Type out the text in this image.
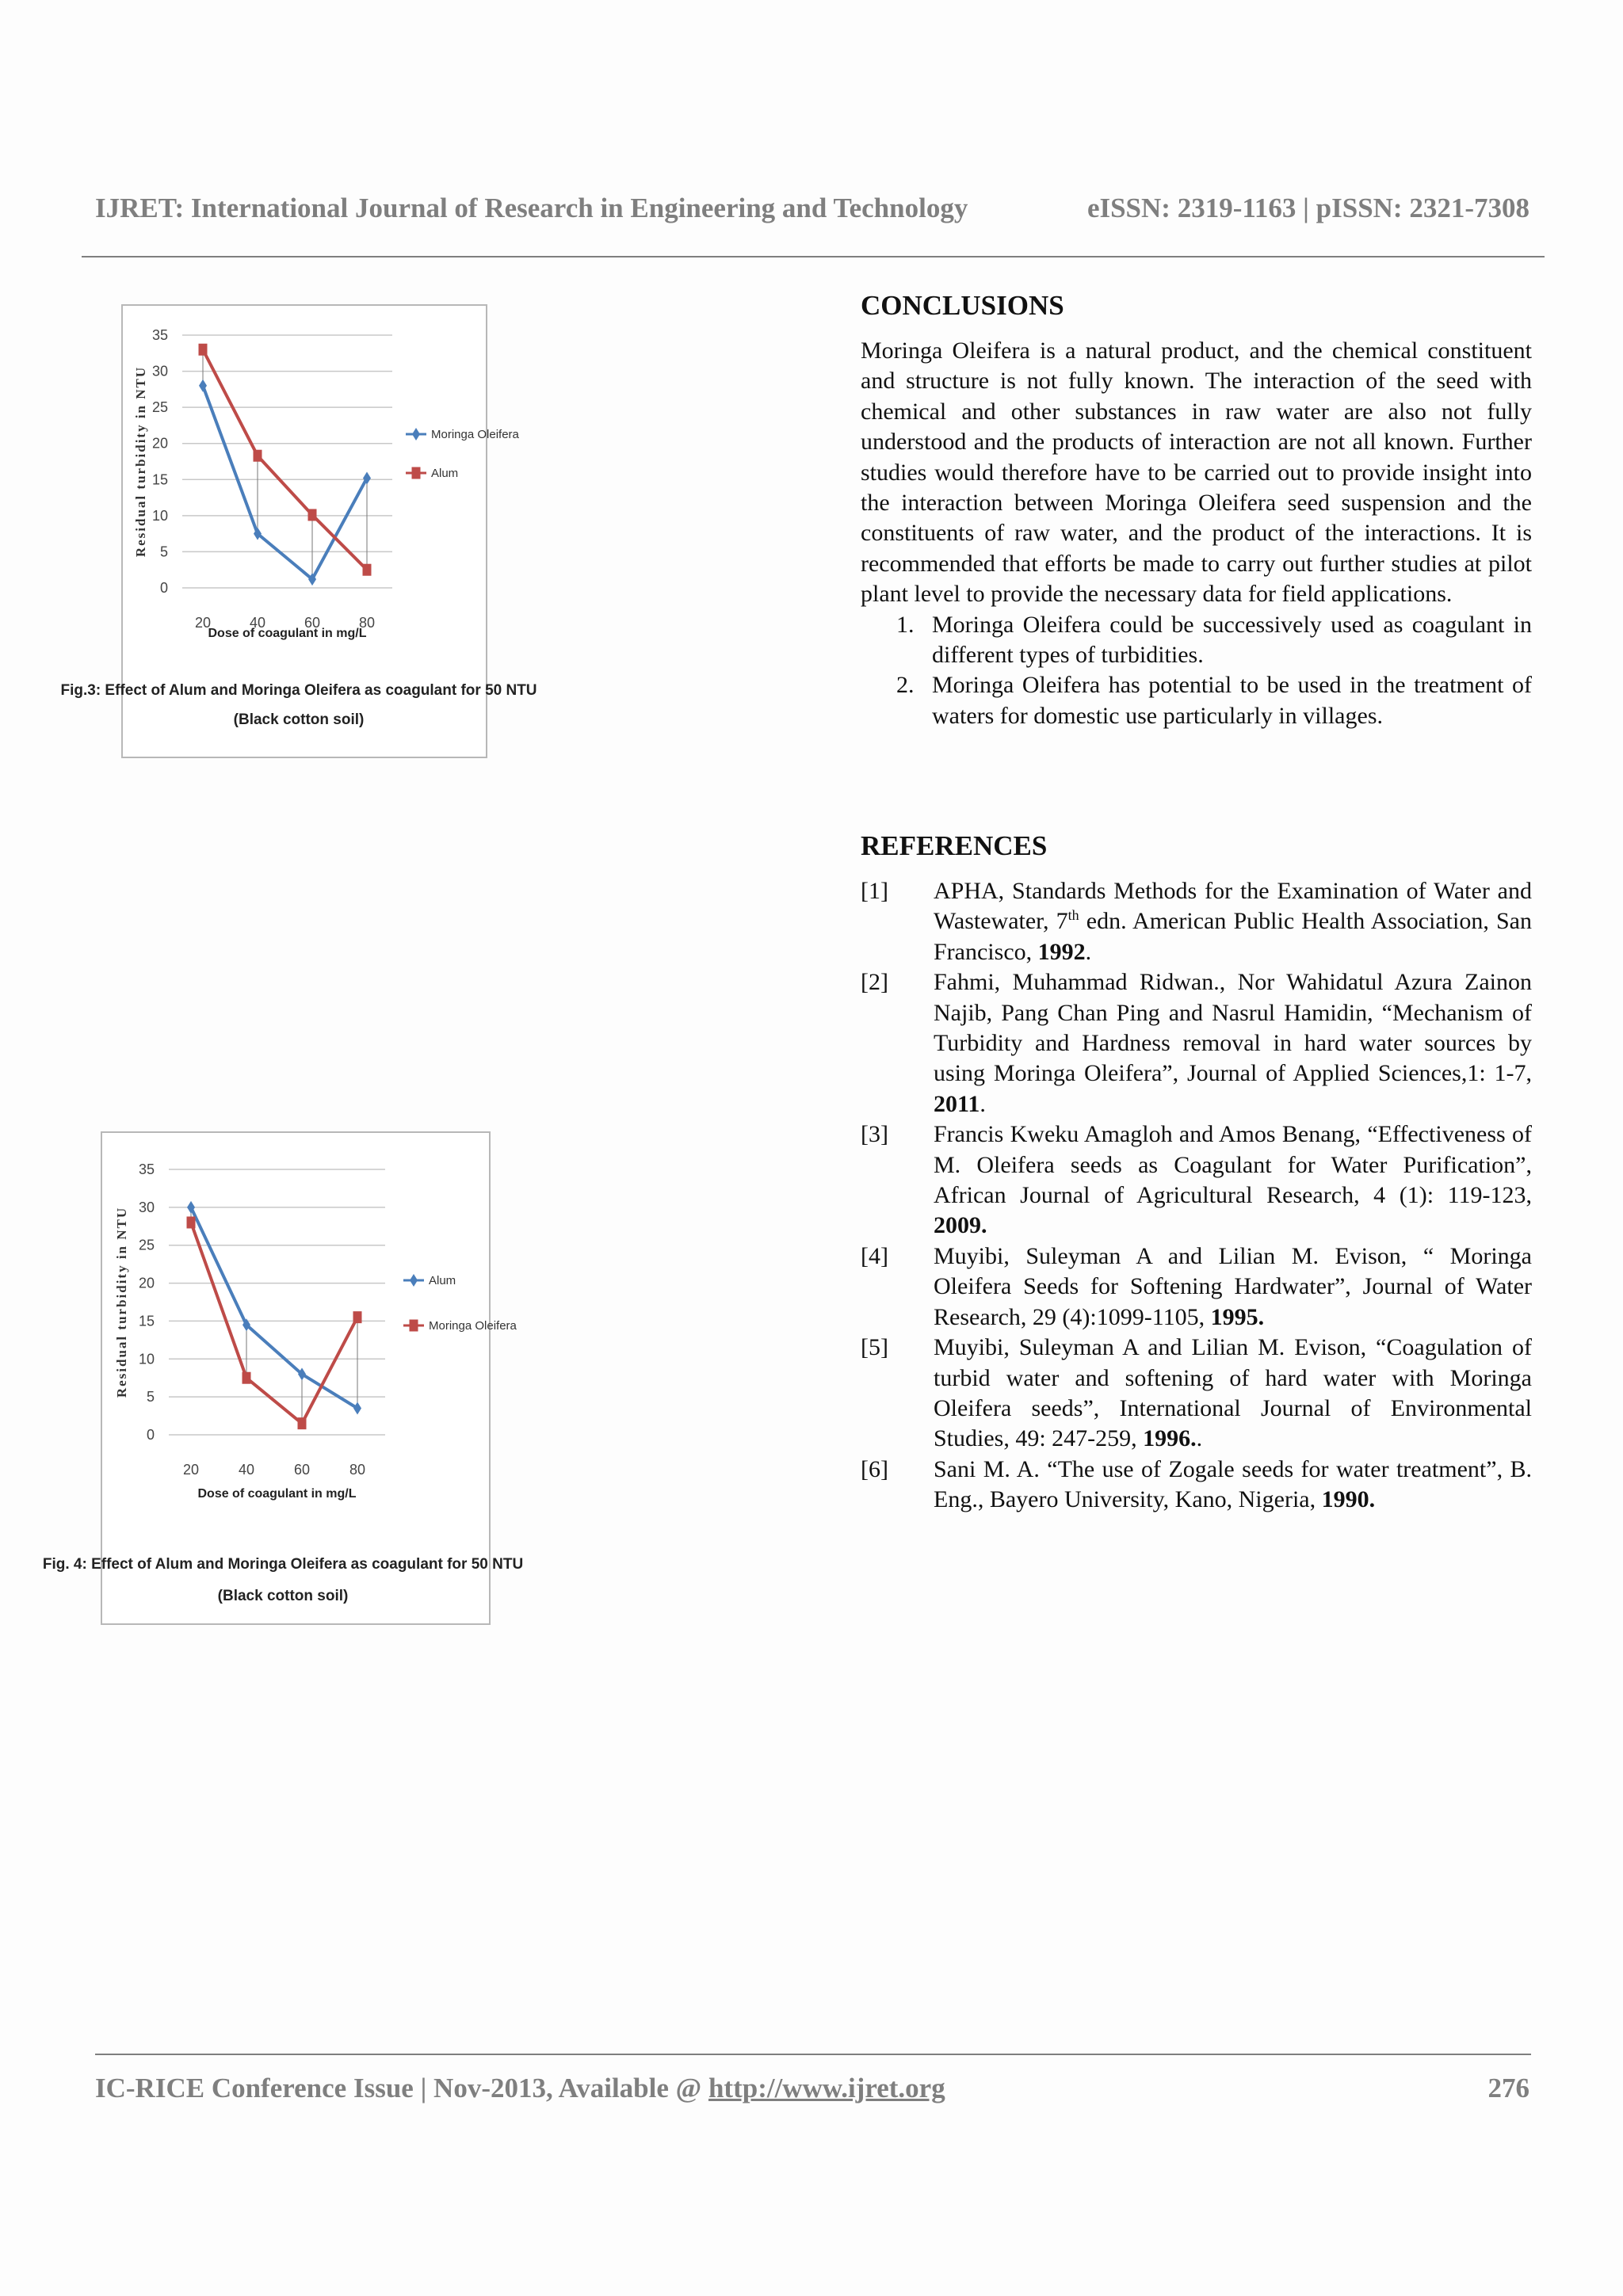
IJRET: International Journal of Research in Engineering and Technology	eISSN: 2319-1163 | pISSN: 2321-7308
0
5
10
15
20
25
30
35
20	40	60	80
Moringa Oleifera
Alum
Dose of coagulant in mg/L
Residual turbidity in NTU
Fig.3: Effect of Alum and Moringa Oleifera as coagulant for 50 NTU
(Black cotton soil)
0
5
10
15
20
25
30
35
20	40	60	80
Alum
Moringa Oleifera
Dose of coagulant in mg/L
Residual turbidity in NTU
Fig. 4: Effect of Alum and Moringa Oleifera as coagulant for 50 NTU
(Black cotton soil)
CONCLUSIONS

Moringa Oleifera is a natural product, and the chemical constituent and structure is not fully known. The interaction of the seed with chemical and other substances in raw water are also not fully understood and the products of interaction are not all known. Further studies would therefore have to be carried out to provide insight into the interaction between Moringa Oleifera seed suspension and the constituents of raw water, and the product of the interactions. It is recommended that efforts be made to carry out further studies at pilot plant level to provide the necessary data for field applications.

1. Moringa Oleifera could be successively used as coagulant in different types of turbidities.
2. Moringa Oleifera has potential to be used in the treatment of waters for domestic use particularly in villages.
REFERENCES
[1] APHA, Standards Methods for the Examination of Water and Wastewater, 7th edn. American Public Health Association, San Francisco, 1992.
[2] Fahmi, Muhammad Ridwan., Nor Wahidatul Azura Zainon Najib, Pang Chan Ping and Nasrul Hamidin, “Mechanism of Turbidity and Hardness removal in hard water sources by using Moringa Oleifera”, Journal of Applied Sciences,1: 1-7, 2011.
[3] Francis Kweku Amagloh and Amos Benang, “Effectiveness of M. Oleifera seeds as Coagulant for Water Purification”, African Journal of Agricultural Research, 4 (1): 119-123, 2009.
[4] Muyibi, Suleyman A and Lilian M. Evison, “ Moringa Oleifera Seeds for Softening Hardwater”, Journal of Water Research, 29 (4):1099-1105, 1995.
[5] Muyibi, Suleyman A and Lilian M. Evison, “Coagulation of turbid water and softening of hard water with Moringa Oleifera seeds”, International Journal of Environmental Studies, 49: 247-259, 1996..
[6] Sani M. A. “The use of Zogale seeds for water treatment”, B. Eng., Bayero University, Kano, Nigeria, 1990.
IC-RICE Conference Issue | Nov-2013, Available @ http://www.ijret.org	276
